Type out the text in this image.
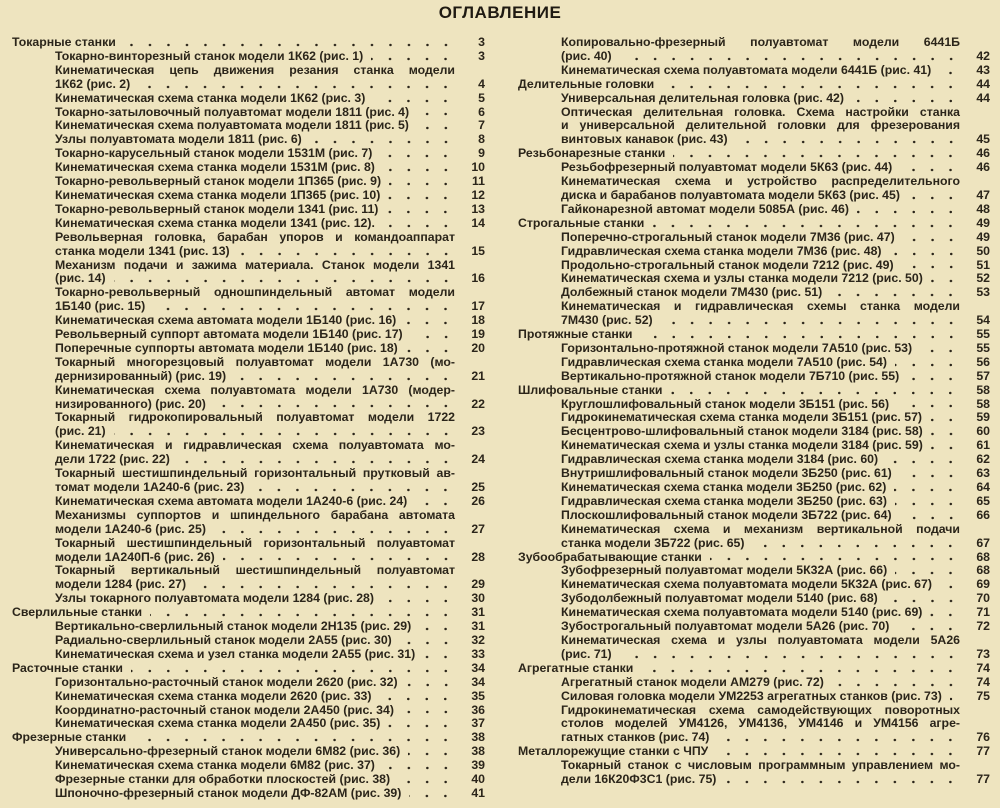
ОГЛАВЛЕНИЕ
Токарные станки	3
Токарно-винторезный станок модели 1К62 (рис. 1)	3
Кинематическая цепь движения резания станка модели
1К62 (рис. 2)	4
Кинематическая схема станка модели 1К62 (рис. 3)	5
Токарно-затыловочный полуавтомат модели 1811 (рис. 4)	6
Кинематическая схема полуавтомата модели 1811 (рис. 5)	7
Узлы полуавтомата модели 1811 (рис. 6)	8
Токарно-карусельный станок модели 1531М (рис. 7)	9
Кинематическая схема станка модели 1531М (рис. 8)	10
Токарно-револьверный станок модели 1П365 (рис. 9)	11
Кинематическая схема станка модели 1П365 (рис. 10)	12
Токарно-револьверный станок модели 1341 (рис. 11)	13
Кинематическая схема станка модели 1341 (рис. 12).	14
Револьверная головка, барабан упоров и командоаппарат
станка модели 1341 (рис. 13)	15
Механизм подачи и зажима материала. Станок модели 1341
(рис. 14)	16
Токарно-револьверный одношпиндельный автомат модели
1Б140 (рис. 15)	17
Кинематическая схема автомата модели 1Б140 (рис. 16)	18
Револьверный суппорт автомата модели 1Б140 (рис. 17)	19
Поперечные суппорты автомата модели 1Б140 (рис. 18)	20
Токарный многорезцовый полуавтомат модели 1А730 (мо-
дернизированный) (рис. 19)	21
Кинематическая схема полуавтомата модели 1А730 (модер-
низированного) (рис. 20)	22
Токарный гидрокопировальный полуавтомат модели 1722
(рис. 21)	23
Кинематическая и гидравлическая схема полуавтомата мо-
дели 1722 (рис. 22)	24
Токарный шестишпиндельный горизонтальный прутковый ав-
томат модели 1А240-6 (рис. 23)	25
Кинематическая схема автомата модели 1А240-6 (рис. 24)	26
Механизмы суппортов и шпиндельного барабана автомата
модели 1А240-6 (рис. 25)	27
Токарный шестишпиндельный горизонтальный полуавтомат
модели 1А240П-6 (рис. 26)	28
Токарный вертикальный шестишпиндельный полуавтомат
модели 1284 (рис. 27)	29
Узлы токарного полуавтомата модели 1284 (рис. 28)	30
Сверлильные станки	31
Вертикально-сверлильный станок модели 2Н135 (рис. 29)	31
Радиально-сверлильный станок модели 2А55 (рис. 30)	32
Кинематическая схема и узел станка модели 2А55 (рис. 31)	33
Расточные станки	34
Горизонтально-расточный станок модели 2620 (рис. 32)	34
Кинематическая схема станка модели 2620 (рис. 33)	35
Координатно-расточный станок модели 2А450 (рис. 34)	36
Кинематическая схема станка модели 2А450 (рис. 35)	37
Фрезерные станки	38
Универсально-фрезерный станок модели 6М82 (рис. 36)	38
Кинематическая схема станка модели 6М82 (рис. 37)	39
Фрезерные станки для обработки плоскостей (рис. 38)	40
Шпоночно-фрезерный станок модели ДФ-82АМ (рис. 39)	41
Копировально-фрезерный полуавтомат модели 6441Б
(рис. 40)	42
Кинематическая схема полуавтомата модели 6441Б (рис. 41)	43
Делительные головки	44
Универсальная делительная головка (рис. 42)	44
Оптическая делительная головка. Схема настройки станка
и универсальной делительной головки для фрезерования
винтовых канавок (рис. 43)	45
Резьбонарезные станки	46
Резьбофрезерный полуавтомат модели 5К63 (рис. 44)	46
Кинематическая схема и устройство распределительного
диска и барабанов полуавтомата модели 5К63 (рис. 45)	47
Гайконарезной автомат модели 5085А (рис. 46)	48
Строгальные станки	49
Поперечно-строгальный станок модели 7М36 (рис. 47)	49
Гидравлическая схема станка модели 7М36 (рис. 48)	50
Продольно-строгальный станок модели 7212 (рис. 49)	51
Кинематическая схема и узлы станка модели 7212 (рис. 50)	52
Долбежный станок модели 7М430 (рис. 51)	53
Кинематическая и гидравлическая схемы станка модели
7М430 (рис. 52)	54
Протяжные станки	55
Горизонтально-протяжной станок модели 7А510 (рис. 53)	55
Гидравлическая схема станка модели 7А510 (рис. 54)	56
Вертикально-протяжной станок модели 7Б710 (рис. 55)	57
Шлифовальные станки	58
Круглошлифовальный станок модели 3Б151 (рис. 56)	58
Гидрокинематическая схема станка модели 3Б151 (рис. 57)	59
Бесцентрово-шлифовальный станок модели 3184 (рис. 58)	60
Кинематическая схема и узлы станка модели 3184 (рис. 59)	61
Гидравлическая схема станка модели 3184 (рис. 60)	62
Внутришлифовальный станок модели 3Б250 (рис. 61)	63
Кинематическая схема станка модели 3Б250 (рис. 62)	64
Гидравлическая схема станка модели 3Б250 (рис. 63)	65
Плоскошлифовальный станок модели 3Б722 (рис. 64)	66
Кинематическая схема и механизм вертикальной подачи
станка модели 3Б722 (рис. 65)	67
Зубообрабатывающие станки	68
Зубофрезерный полуавтомат модели 5К32А (рис. 66)	68
Кинематическая схема полуавтомата модели 5К32А (рис. 67)	69
Зубодолбежный полуавтомат модели 5140 (рис. 68)	70
Кинематическая схема полуавтомата модели 5140 (рис. 69)	71
Зубострогальный полуавтомат модели 5А26 (рис. 70)	72
Кинематическая схема и узлы полуавтомата модели 5А26
(рис. 71)	73
Агрегатные станки	74
Агрегатный станок модели АМ279 (рис. 72)	74
Силовая головка модели УМ2253 агрегатных станков (рис. 73)	75
Гидрокинематическая схема самодействующих поворотных
столов моделей УМ4126, УМ4136, УМ4146 и УМ4156 агре-
гатных станков (рис. 74)	76
Металлорежущие станки с ЧПУ	77
Токарный станок с числовым программным управлением мо-
дели 16К20Ф3С1 (рис. 75)	77
